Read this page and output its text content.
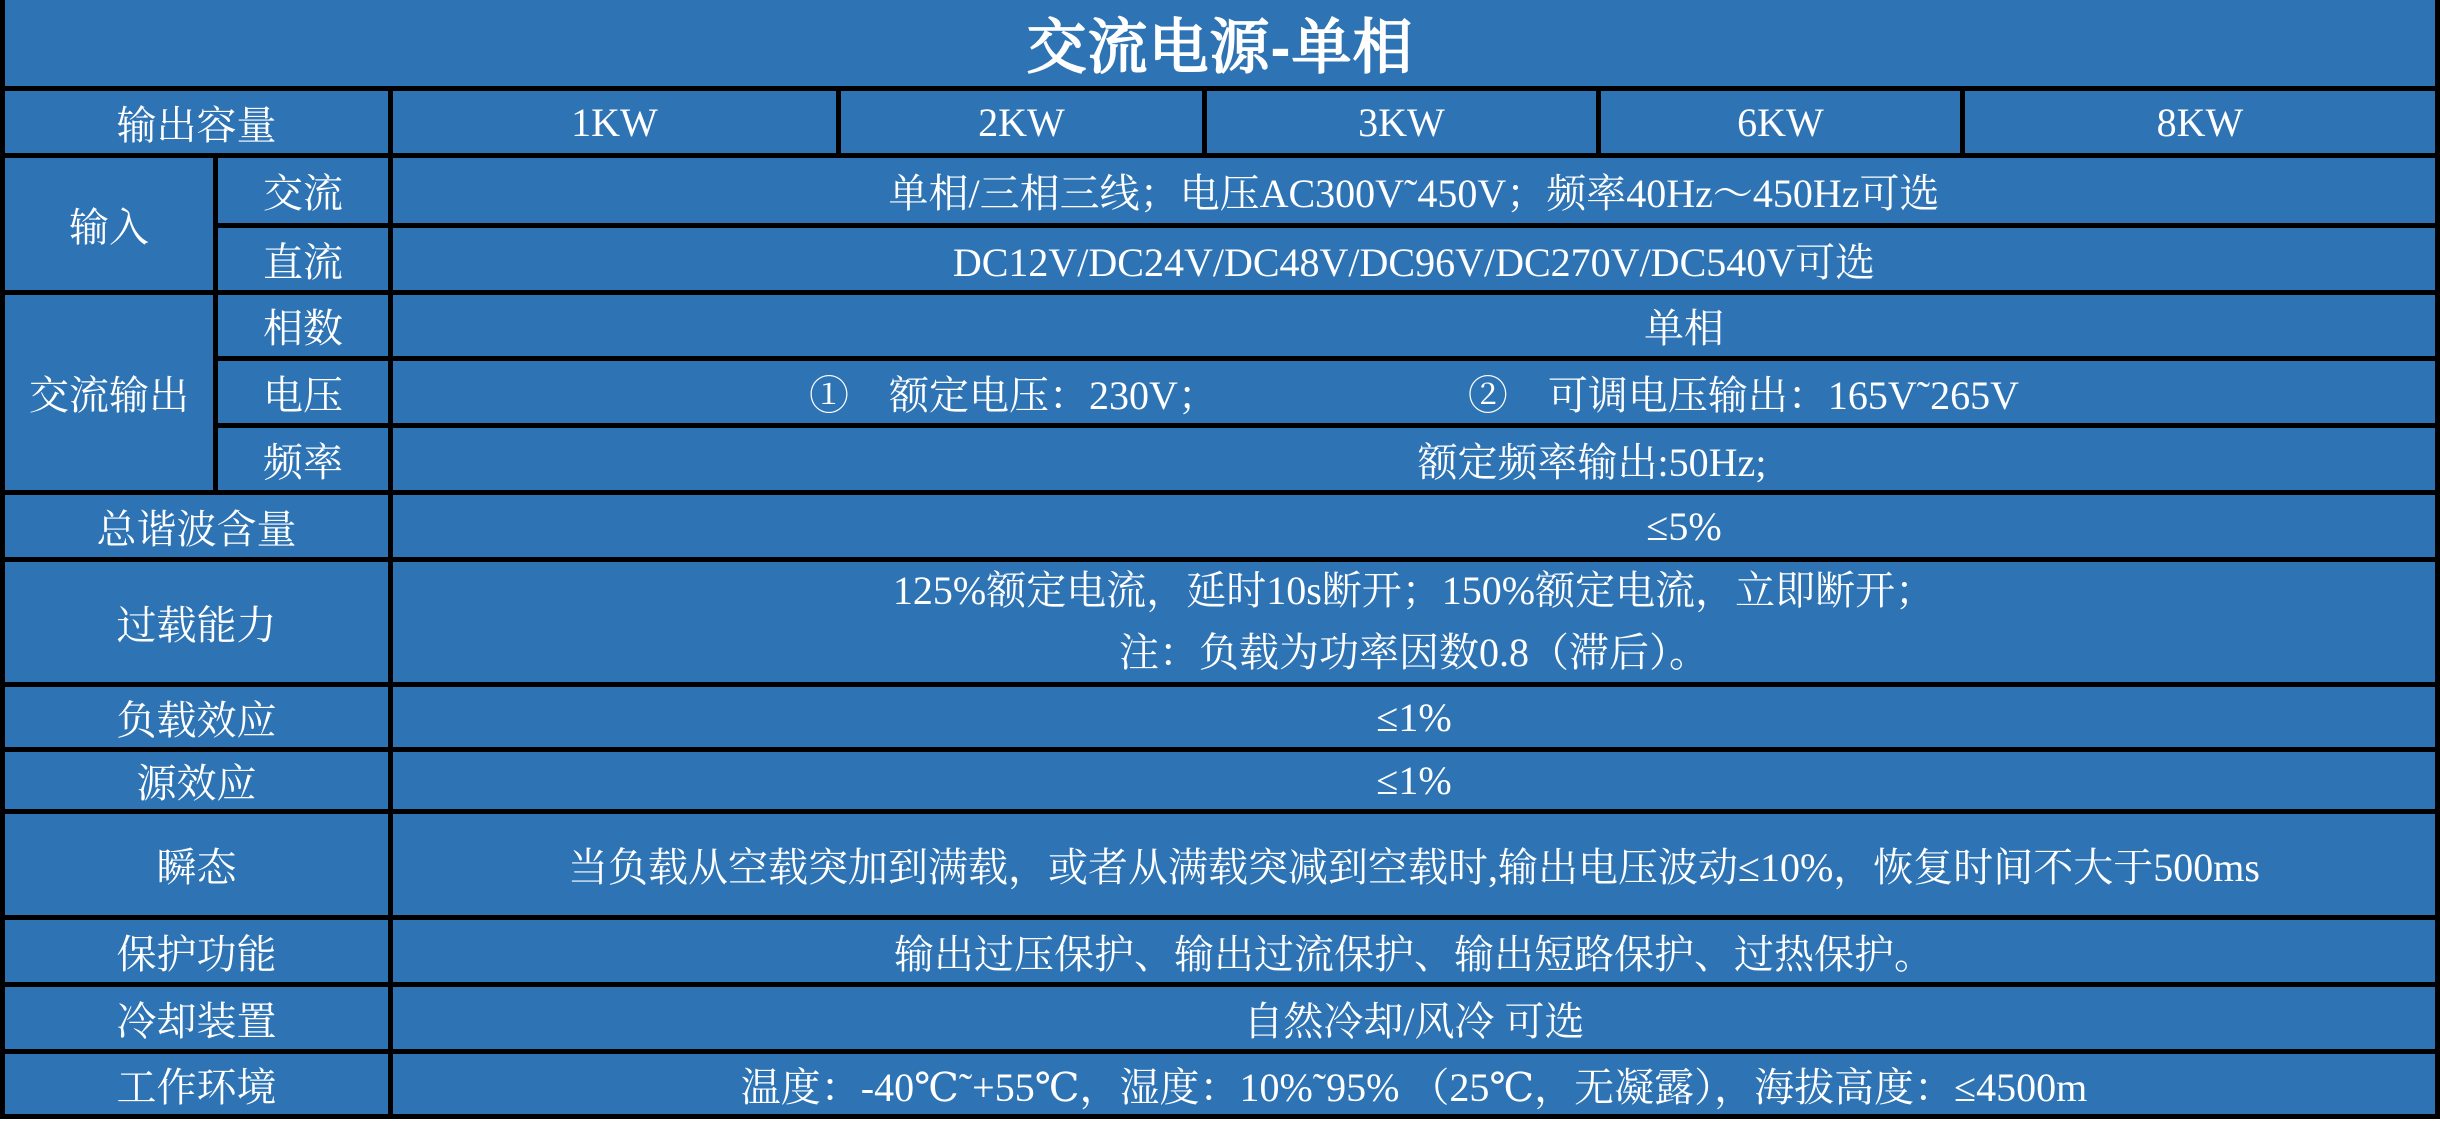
交流电源-单相
输出容量	1KW	2KW	3KW	6KW	8KW
输入
交流	单相/三相三线；电压AC300V˜450V；频率40Hz～450Hz可选
直流	DC12V/DC24V/DC48V/DC96V/DC270V/DC540V可选
交流输出
相数	单相
电压	①　额定电压：230V；	②　可调电压输出：165V˜265V
频率	额定频率输出:50Hz;
总谐波含量	≤5%
过载能力
125%额定电流，延时10s断开；150%额定电流，立即断开；
注：负载为功率因数0.8（滞后）。
负载效应	≤1%
源效应	≤1%
瞬态	当负载从空载突加到满载，或者从满载突减到空载时,输出电压波动≤10%，恢复时间不大于500ms
保护功能	输出过压保护、输出过流保护、输出短路保护、过热保护。
冷却装置	自然冷却/风冷 可选
工作环境	温度：-40℃˜+55℃，湿度：10%˜95% （25℃，无凝露），海拔高度：≤4500m
